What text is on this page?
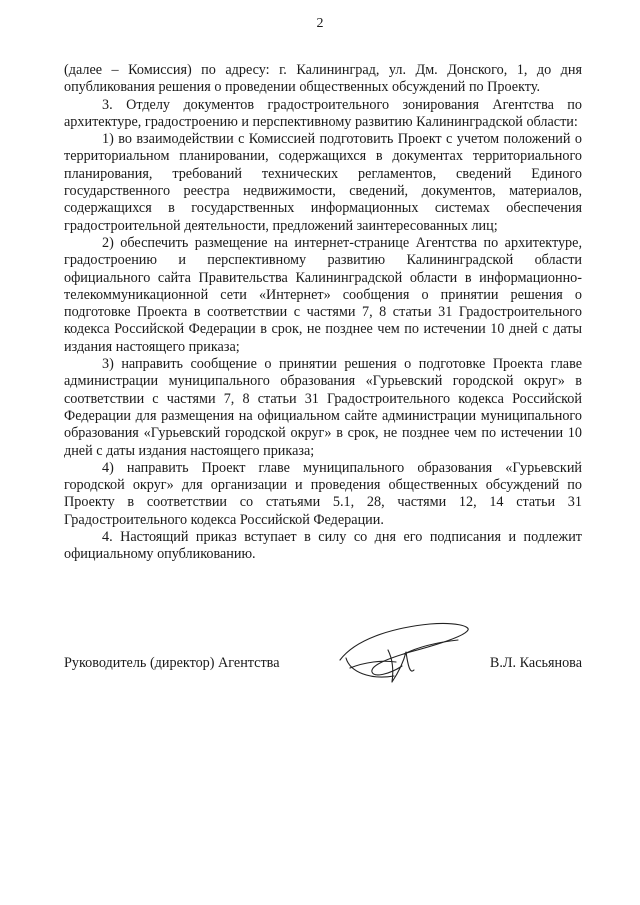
2

(далее – Комиссия) по адресу: г. Калининград, ул. Дм. Донского, 1, до дня опубликования решения о проведении общественных обсуждений по Проекту.

3. Отделу документов градостроительного зонирования Агентства по архитектуре, градостроению и перспективному развитию Калининградской области:

1) во взаимодействии с Комиссией подготовить Проект с учетом положений о территориальном планировании, содержащихся в документах территориального планирования, требований технических регламентов, сведений Единого государственного реестра недвижимости, сведений, документов, материалов, содержащихся в государственных информационных системах обеспечения градостроительной деятельности, предложений заинтересованных лиц;

2) обеспечить размещение на интернет-странице Агентства по архитектуре, градостроению и перспективному развитию Калининградской области официального сайта Правительства Калининградской области в информационно-телекоммуникационной сети «Интернет» сообщения о принятии решения о подготовке Проекта в соответствии с частями 7, 8 статьи 31 Градостроительного кодекса Российской Федерации в срок, не позднее чем по истечении 10 дней с даты издания настоящего приказа;

3) направить сообщение о принятии решения о подготовке Проекта главе администрации муниципального образования «Гурьевский городской округ» в соответствии с частями 7, 8 статьи 31 Градостроительного кодекса Российской Федерации для размещения на официальном сайте администрации муниципального образования «Гурьевский городской округ» в срок, не позднее чем по истечении 10 дней с даты издания настоящего приказа;

4) направить Проект главе муниципального образования «Гурьевский городской округ» для организации и проведения общественных обсуждений по Проекту в соответствии со статьями 5.1, 28, частями 12, 14 статьи 31 Градостроительного кодекса Российской Федерации.

4. Настоящий приказ вступает в силу со дня его подписания и подлежит официальному опубликованию.

Руководитель (директор) Агентства	В.Л. Касьянова
